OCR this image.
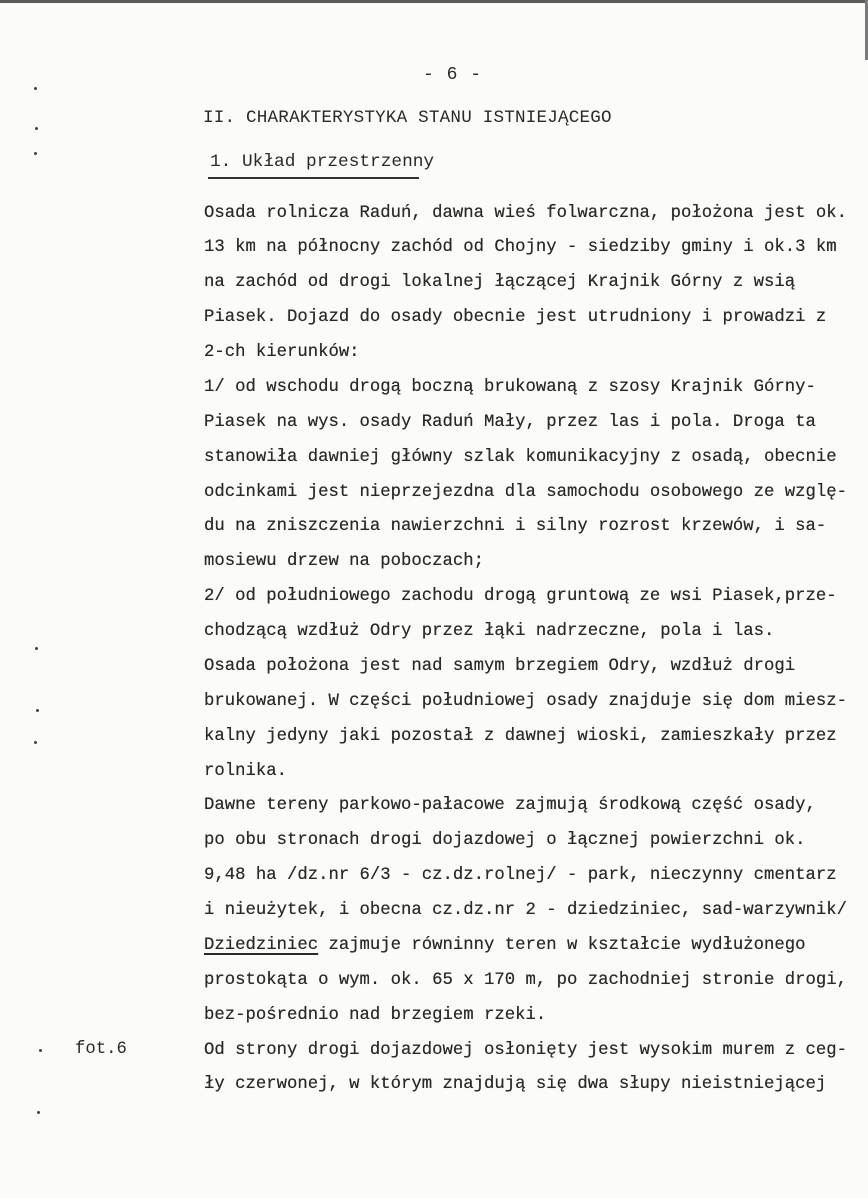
- 6 -
II. CHARAKTERYSTYKA STANU ISTNIEJĄCEGO
1. Układ przestrzenny
fot.6
Osada rolnicza Raduń, dawna wieś folwarczna, położona jest ok.
13 km na północny zachód od Chojny - siedziby gminy i ok.3 km
na zachód od drogi lokalnej łączącej Krajnik Górny z wsią
Piasek. Dojazd do osady obecnie jest utrudniony i prowadzi z
2-ch kierunków:
1/ od wschodu drogą boczną brukowaną z szosy Krajnik Górny-
Piasek na wys. osady Raduń Mały, przez las i pola. Droga ta
stanowiła dawniej główny szlak komunikacyjny z osadą, obecnie
odcinkami jest nieprzejezdna dla samochodu osobowego ze wzglę-
du na zniszczenia nawierzchni i silny rozrost krzewów, i sa-
mosiewu drzew na poboczach;
2/ od południowego zachodu drogą gruntową ze wsi Piasek,prze-
chodzącą wzdłuż Odry przez łąki nadrzeczne, pola i las.
Osada położona jest nad samym brzegiem Odry, wzdłuż drogi
brukowanej. W części południowej osady znajduje się dom miesz-
kalny jedyny jaki pozostał z dawnej wioski, zamieszkały przez
rolnika.
Dawne tereny parkowo-pałacowe zajmują środkową część osady,
po obu stronach drogi dojazdowej o łącznej powierzchni ok.
9,48 ha /dz.nr 6/3 - cz.dz.rolnej/ - park, nieczynny cmentarz
i nieużytek, i obecna cz.dz.nr 2 - dziedziniec, sad-warzywnik/
Dziedziniec zajmuje równinny teren w kształcie wydłużonego
prostokąta o wym. ok. 65 x 170 m, po zachodniej stronie drogi,
bez-pośrednio nad brzegiem rzeki.
Od strony drogi dojazdowej osłonięty jest wysokim murem z ceg-
ły czerwonej, w którym znajdują się dwa słupy nieistniejącej
